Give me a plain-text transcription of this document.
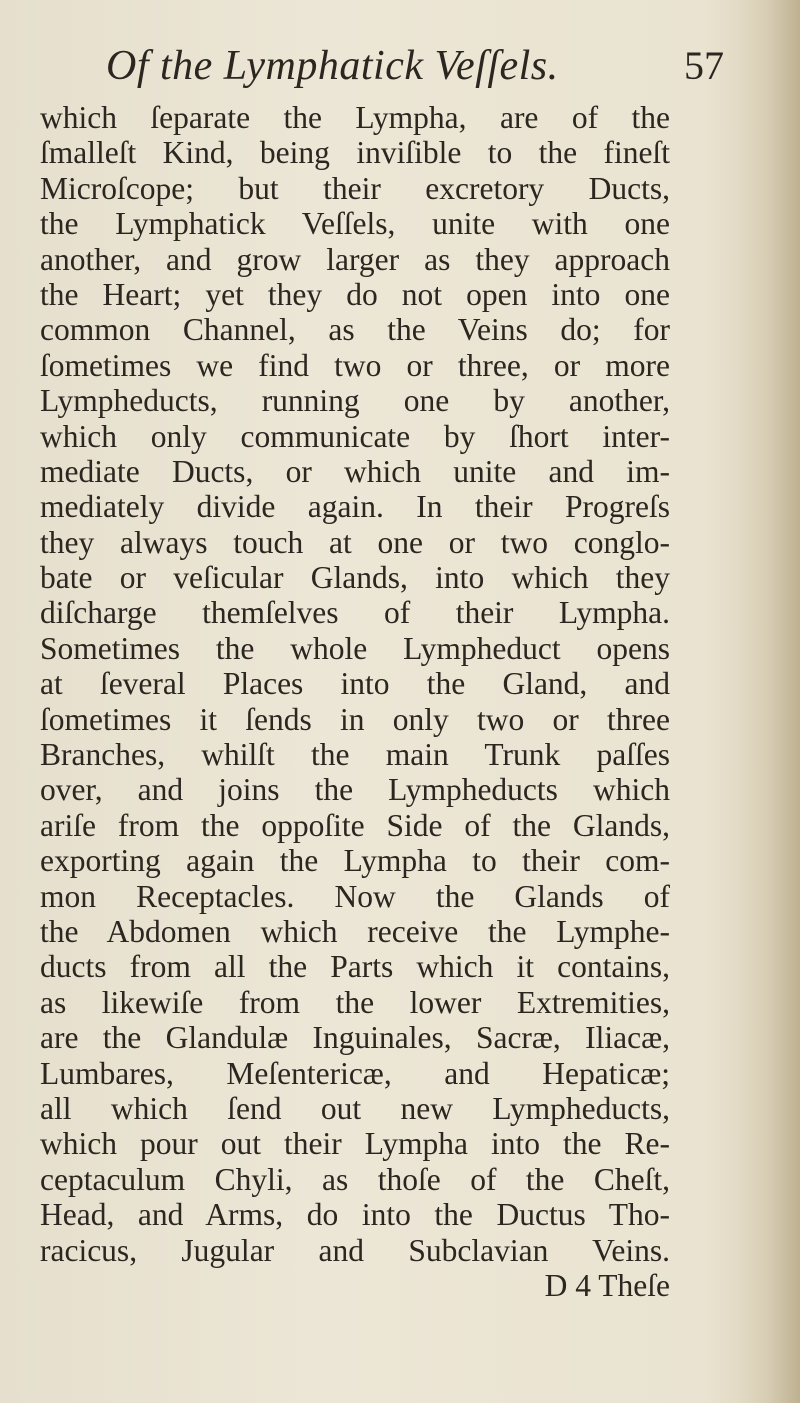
Of the Lymphatick Veſſels.	57
which ſeparate the Lympha, are of the
ſmalleſt Kind, being inviſible to the fineſt
Microſcope; but their excretory Ducts,
the Lymphatick Veſſels, unite with one
another, and grow larger as they approach
the Heart; yet they do not open into one
common Channel, as the Veins do; for
ſometimes we find two or three, or more
Lympheducts, running one by another,
which only communicate by ſhort inter-
mediate Ducts, or which unite and im-
mediately divide again. In their Progreſs
they always touch at one or two conglo-
bate or veſicular Glands, into which they
diſcharge themſelves of their Lympha.
Sometimes the whole Lympheduct opens
at ſeveral Places into the Gland, and
ſometimes it ſends in only two or three
Branches, whilſt the main Trunk paſſes
over, and joins the Lympheducts which
ariſe from the oppoſite Side of the Glands,
exporting again the Lympha to their com-
mon Receptacles. Now the Glands of
the Abdomen which receive the Lymphe-
ducts from all the Parts which it contains,
as likewiſe from the lower Extremities,
are the Glandulæ Inguinales, Sacræ, Iliacæ,
Lumbares, Meſentericæ, and Hepaticæ;
all which ſend out new Lympheducts,
which pour out their Lympha into the Re-
ceptaculum Chyli, as thoſe of the Cheſt,
Head, and Arms, do into the Ductus Tho-
racicus, Jugular and Subclavian Veins.
D 4 Theſe
